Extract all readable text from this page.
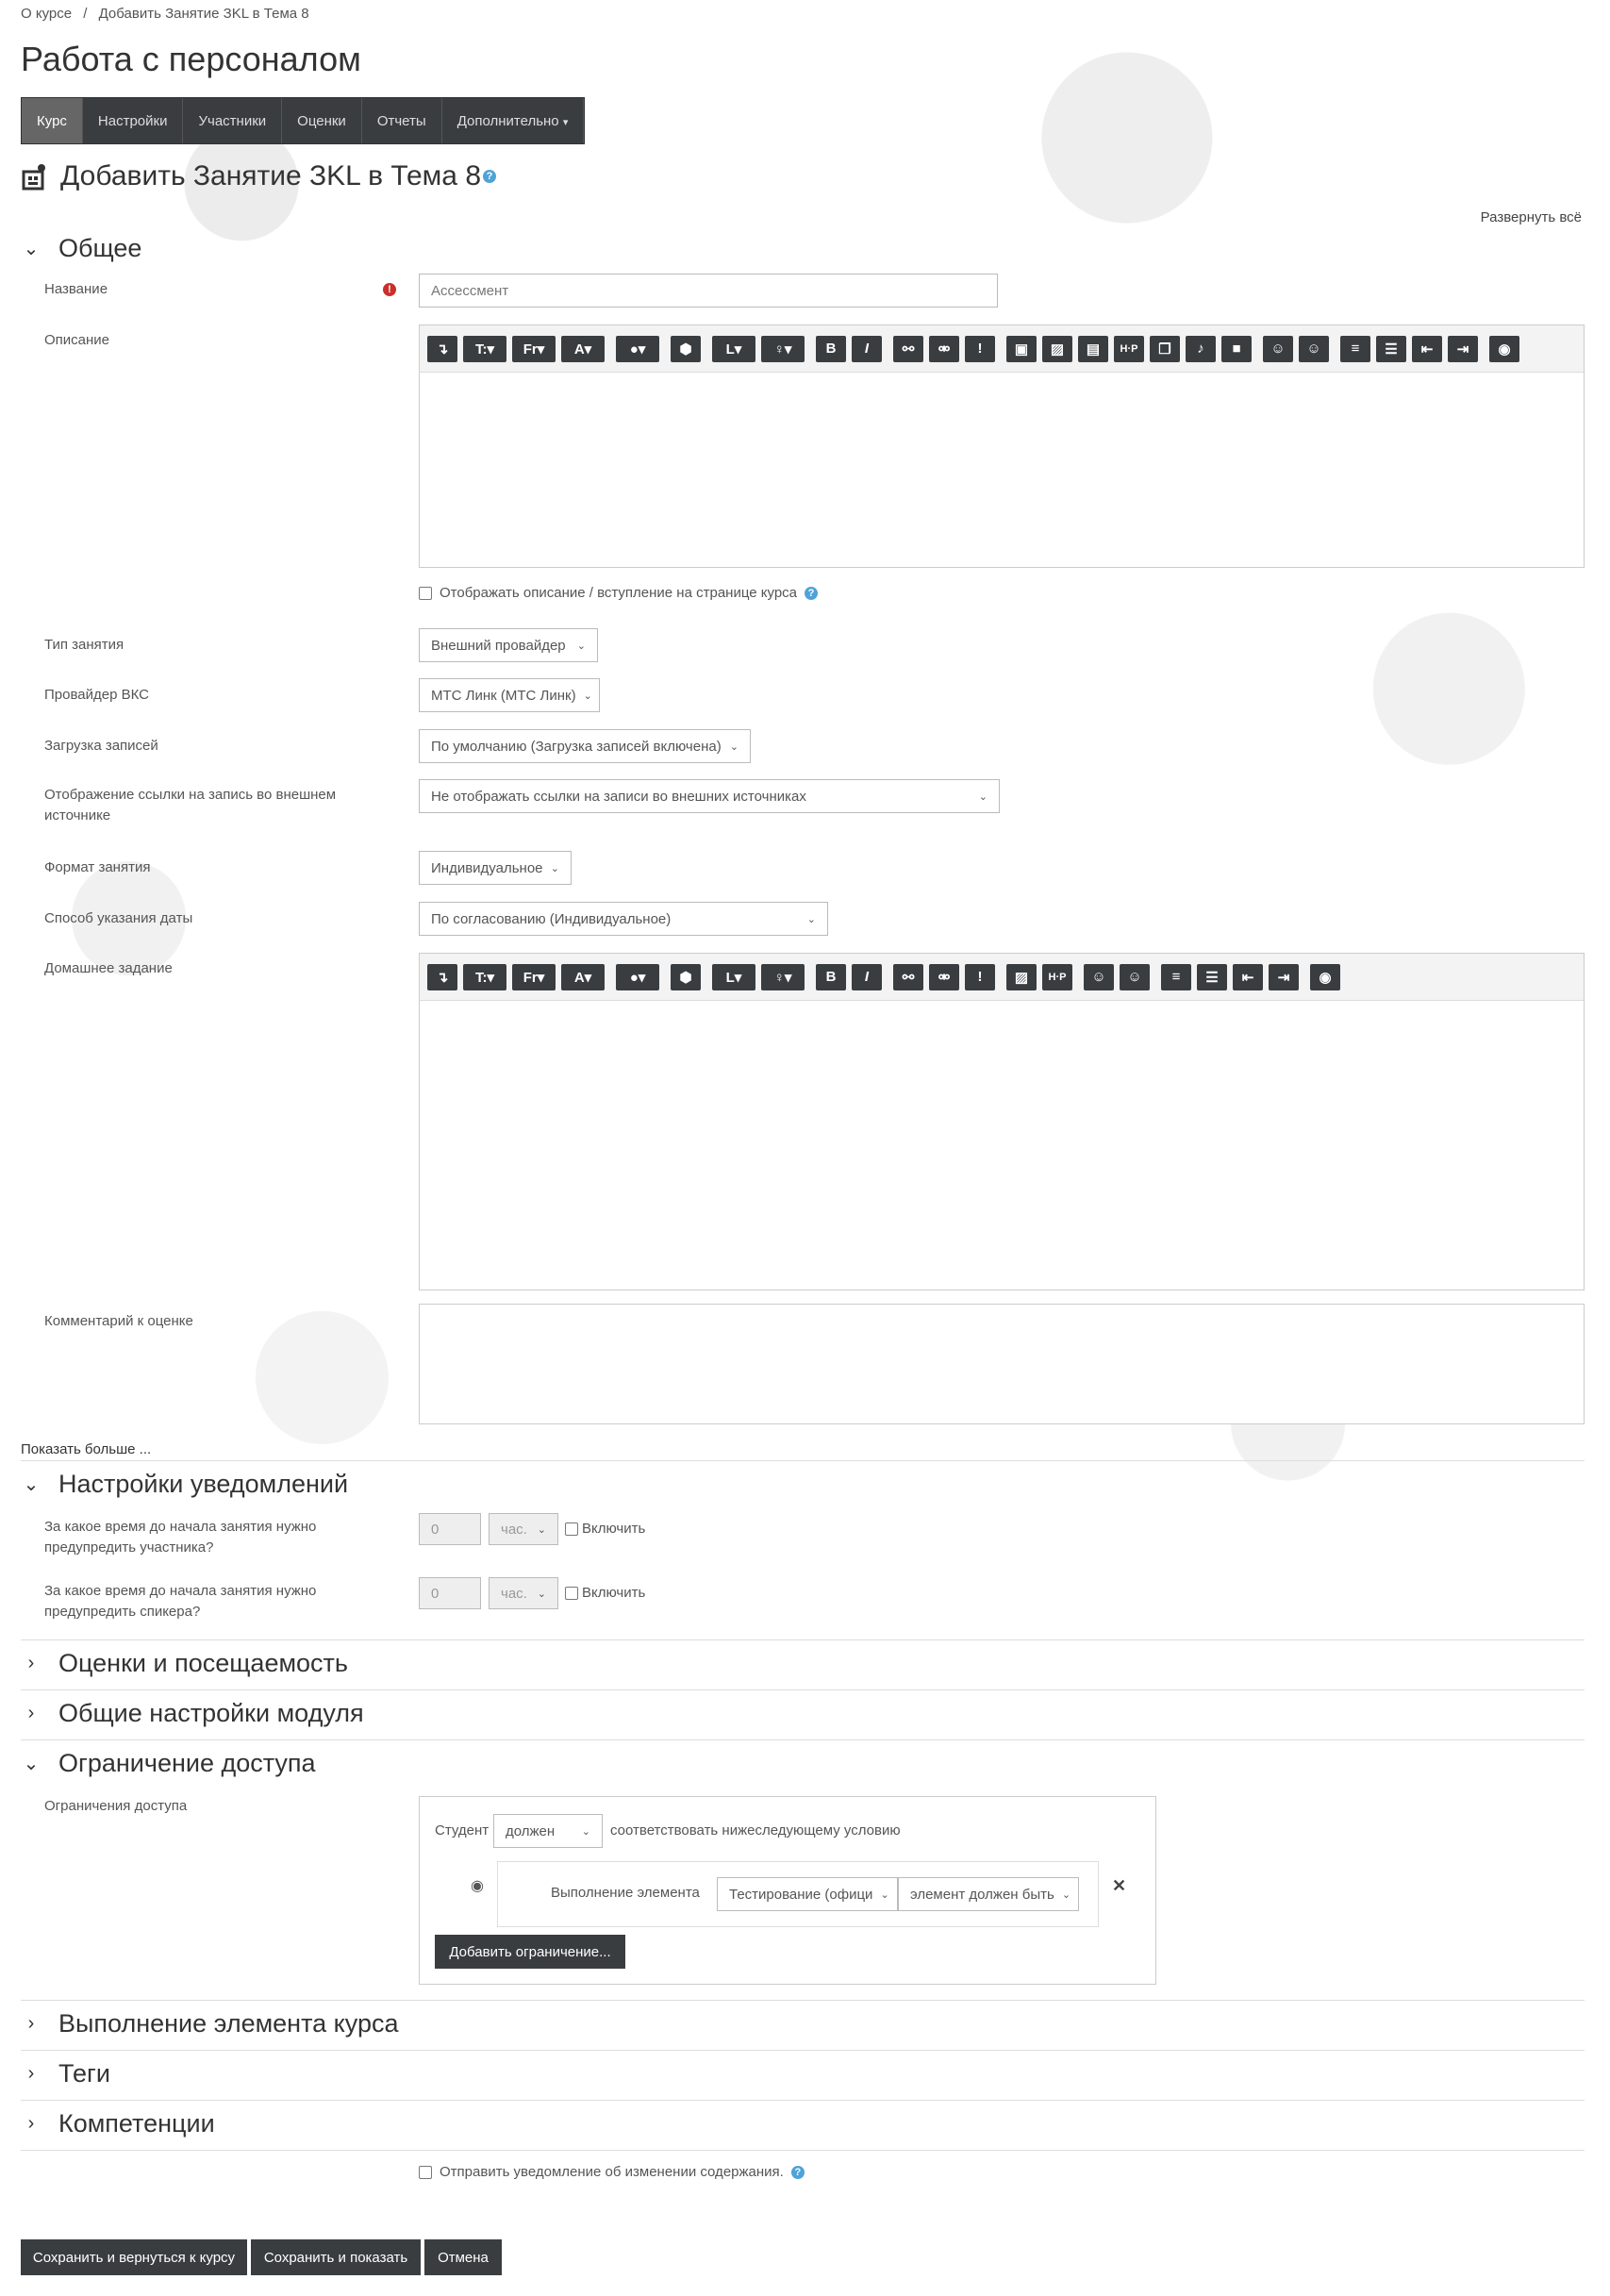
О курсе / Добавить Занятие ЗKL в Тема 8
Работа с персоналом
Курс	Настройки	Участники	Оценки	Отчеты	Дополнительно ▾
Добавить Занятие ЗKL в Тема 8 ?
Развернуть всё
⌄ Общее
Название	!	Ассессмент
Описание
↴	T:▾	Fr▾	A▾	●▾	⬢	L▾	♀▾	B	I	⚯	⚮	!	▣	▨	▤	H·P	❐	♪	■	☺	☺	≡	☰	⇤	⇥	◉
Отображать описание / вступление на странице курса	?
Тип занятия	Внешний провайдер ⌄
Провайдер ВКС	МТС Линк (МТС Линк) ⌄
Загрузка записей	По умолчанию (Загрузка записей включена) ⌄
Отображение ссылки на запись во внешнем источнике
Не отображать ссылки на записи во внешних источниках	⌄
Формат занятия	Индивидуальное ⌄
Способ указания даты	По согласованию (Индивидуальное)	⌄
Домашнее задание
↴	T:▾	Fr▾	A▾	●▾	⬢	L▾	♀▾	B	I	⚯	⚮	!	▨	H·P	☺	☺	≡	☰	⇤	⇥	◉
Комментарий к оценке
Показать больше ...
⌄ Настройки уведомлений
За какое время до начала занятия нужно предупредить участника?
0	час. ⌄	Включить
За какое время до начала занятия нужно предупредить спикера?
0	час. ⌄	Включить
› Оценки и посещаемость
› Общие настройки модуля
⌄ Ограничение доступа
Ограничения доступа
Студент должен	⌄ соответствовать нижеследующему условию
◉	Выполнение элемента Тестирование (офици ⌄ элемент должен быть ⌄ ✕
Добавить ограничение...
› Выполнение элемента курса
› Теги
› Компетенции
Отправить уведомление об изменении содержания.	?
Сохранить и вернуться к курсу	Сохранить и показать	Отмена
